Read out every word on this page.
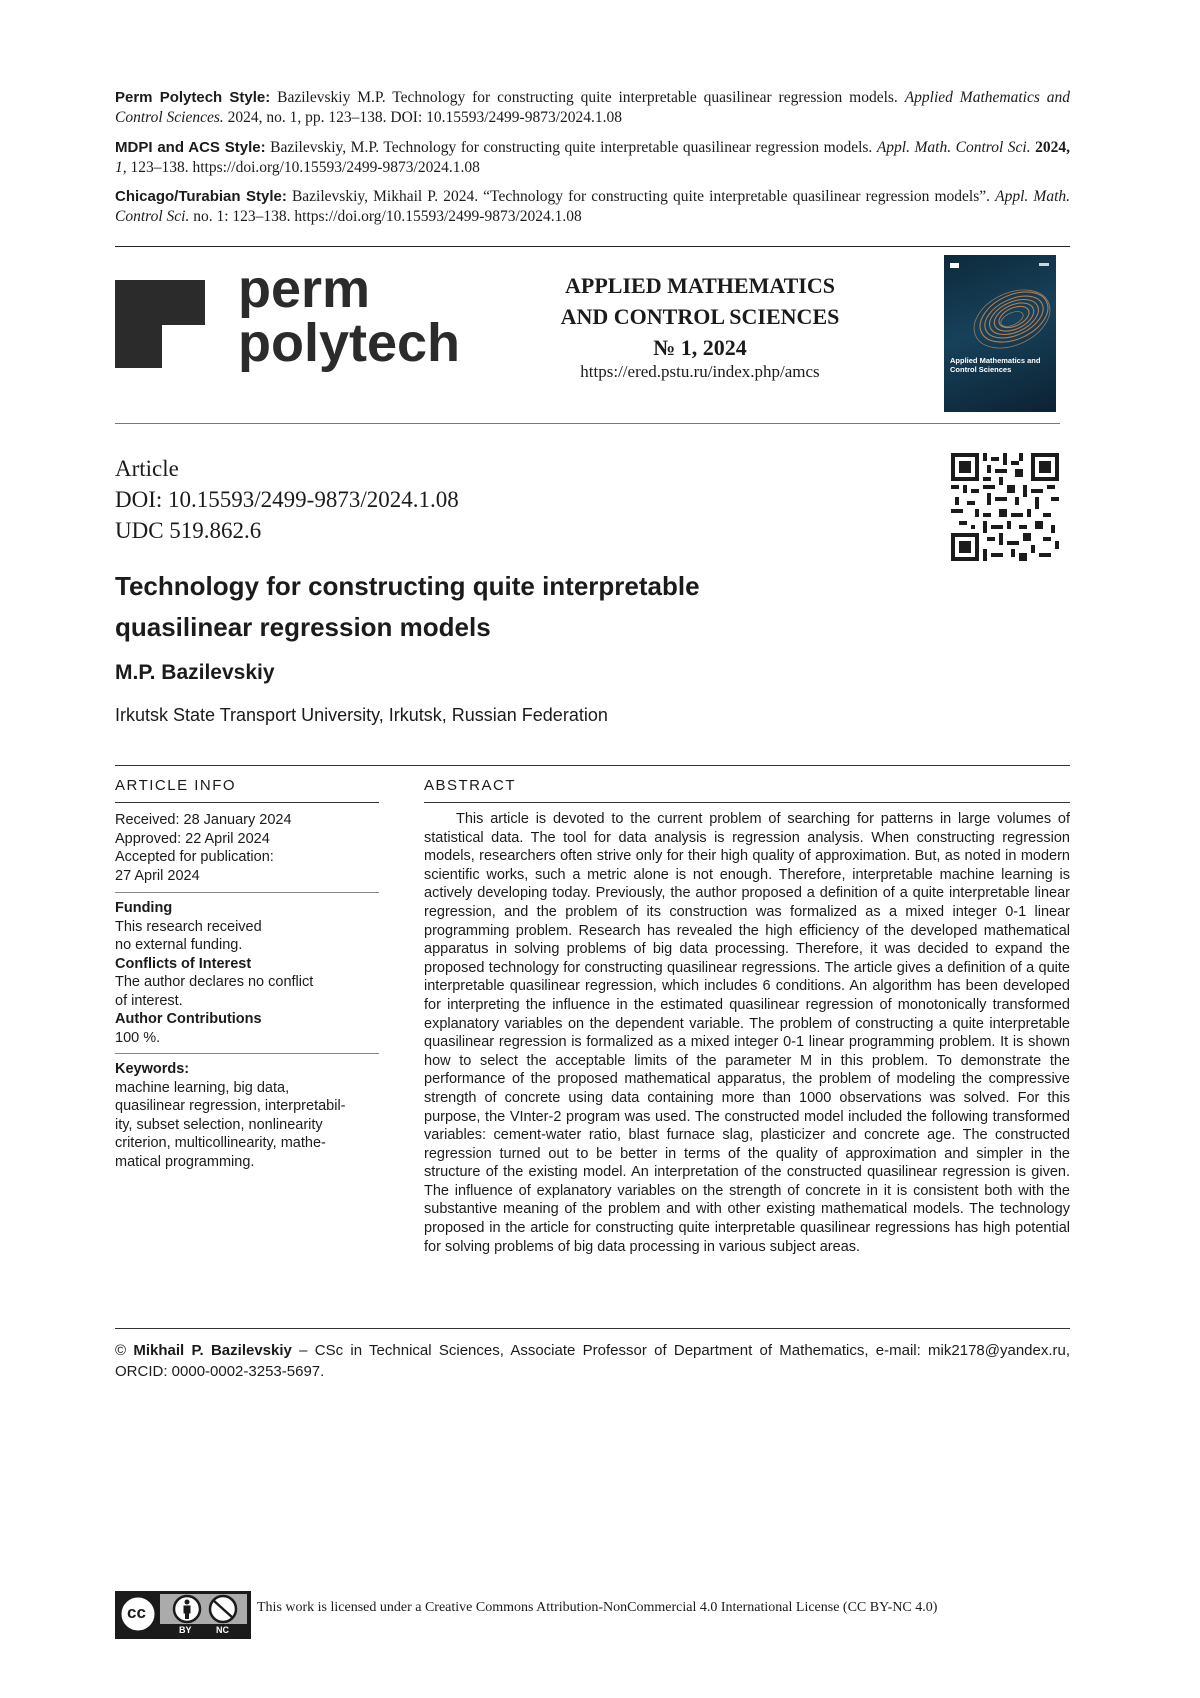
Perm Polytech Style: Bazilevskiy M.P. Technology for constructing quite interpretable quasilinear regression models. Applied Mathematics and Control Sciences. 2024, no. 1, pp. 123–138. DOI: 10.15593/2499-9873/2024.1.08
MDPI and ACS Style: Bazilevskiy, M.P. Technology for constructing quite interpretable quasilinear regression models. Appl. Math. Control Sci. 2024, 1, 123–138. https://doi.org/10.15593/2499-9873/2024.1.08
Chicago/Turabian Style: Bazilevskiy, Mikhail P. 2024. “Technology for constructing quite interpretable quasilinear regression models”. Appl. Math. Control Sci. no. 1: 123–138. https://doi.org/10.15593/2499-9873/2024.1.08
perm
polytech
APPLIED MATHEMATICS
AND CONTROL SCIENCES
№ 1, 2024
https://ered.pstu.ru/index.php/amcs
Applied Mathematics and Control Sciences
Article
DOI: 10.15593/2499-9873/2024.1.08
UDC 519.862.6
Technology for constructing quite interpretable
quasilinear regression models
M.P. Bazilevskiy
Irkutsk State Transport University, Irkutsk, Russian Federation
ARTICLE INFO
Received: 28 January 2024
Approved: 22 April 2024
Accepted for publication:
27 April 2024
Funding
This research received
no external funding.
Conflicts of Interest
The author declares no conflict
of interest.
Author Contributions
100 %.
Keywords:
machine learning, big data,
quasilinear regression, interpretabil-
ity, subset selection, nonlinearity
criterion, multicollinearity, mathe-
matical programming.
ABSTRACT
This article is devoted to the current problem of searching for patterns in large volumes of statistical data. The tool for data analysis is regression analysis. When constructing regression models, researchers often strive only for their high quality of approximation. But, as noted in modern scientific works, such a metric alone is not enough. Therefore, interpretable machine learning is actively developing today. Previously, the author proposed a definition of a quite interpretable linear regression, and the problem of its construction was formalized as a mixed integer 0-1 linear programming problem. Research has revealed the high efficiency of the developed mathematical apparatus in solving problems of big data processing. Therefore, it was decided to expand the proposed technology for constructing quasilinear regressions. The article gives a definition of a quite interpretable quasilinear regression, which includes 6 conditions. An algorithm has been developed for interpreting the influence in the estimated quasilinear regression of monotonically transformed explanatory variables on the dependent variable. The problem of constructing a quite interpretable quasilinear regression is formalized as a mixed integer 0-1 linear programming problem. It is shown how to select the acceptable limits of the parameter M in this problem. To demonstrate the performance of the proposed mathematical apparatus, the problem of modeling the compressive strength of concrete using data containing more than 1000 observations was solved. For this purpose, the VInter-2 program was used. The constructed model included the following transformed variables: cement-water ratio, blast furnace slag, plasticizer and concrete age. The constructed regression turned out to be better in terms of the quality of approximation and simpler in the structure of the existing model. An interpretation of the constructed quasilinear regression is given. The influence of explanatory variables on the strength of concrete in it is consistent both with the substantive meaning of the problem and with other existing mathematical models. The technology proposed in the article for constructing quite interpretable quasilinear regressions has high potential for solving problems of big data processing in various subject areas.
© Mikhail P. Bazilevskiy – CSc in Technical Sciences, Associate Professor of Department of Mathematics, e-mail: mik2178@yandex.ru, ORCID: 0000-0002-3253-5697.
cc
BY	NC
This work is licensed under a Creative Commons Attribution-NonCommercial 4.0 International License (CC BY-NC 4.0)
